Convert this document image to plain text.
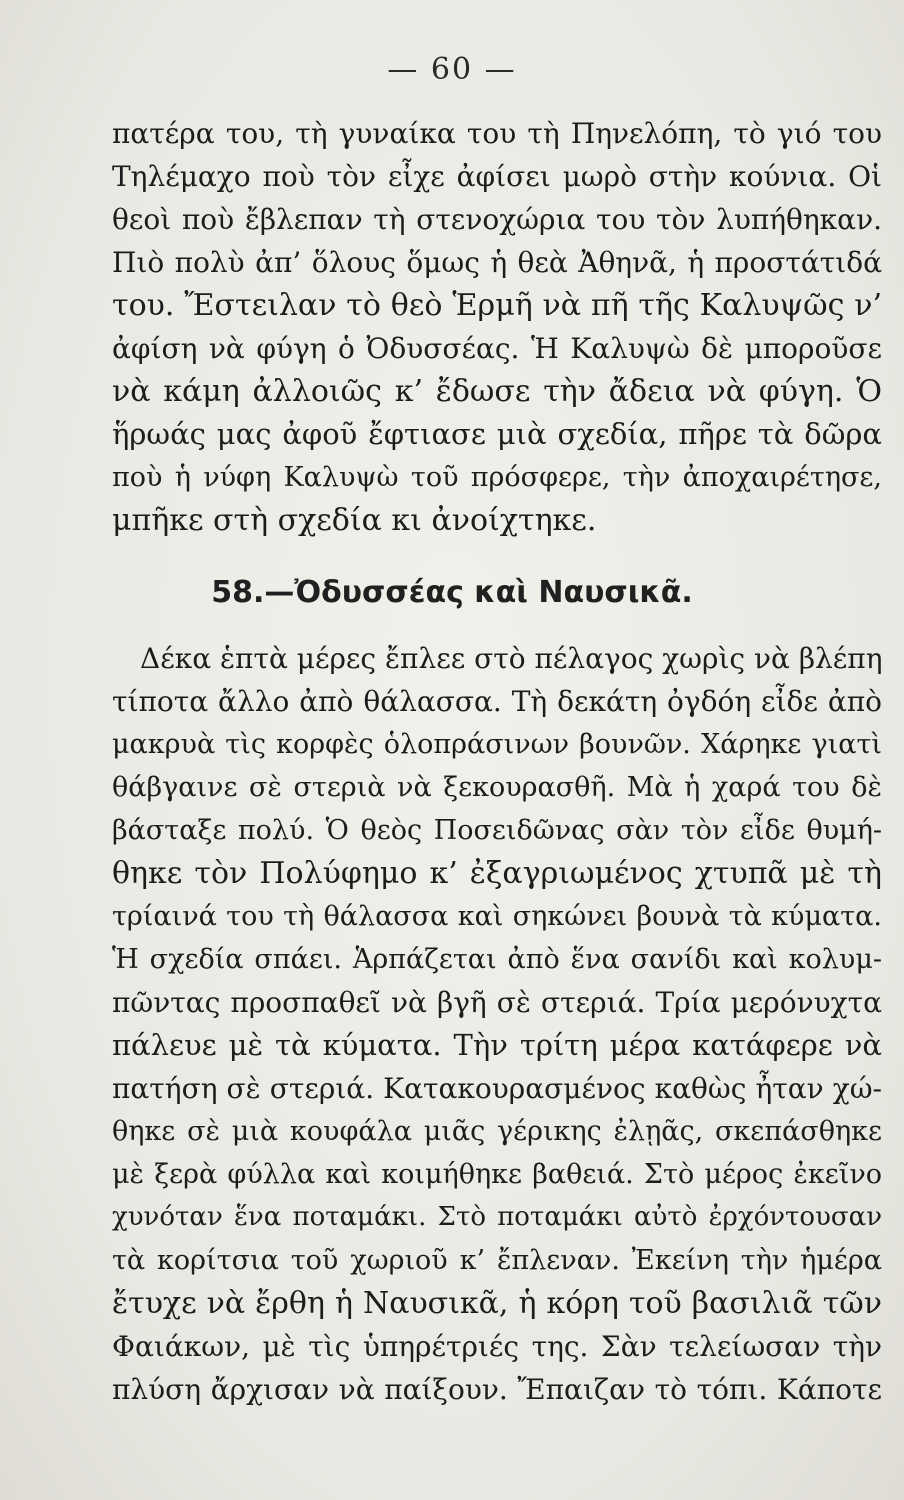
— 60 —
πατέρα του, τὴ γυναίκα του τὴ Πηνελόπη, τὸ γιό του
Τηλέμαχο ποὺ τὸν εἶχε ἀφίσει μωρὸ στὴν κούνια. Οἱ
θεοὶ ποὺ ἔβλεπαν τὴ στενοχώρια του τὸν λυπήθηκαν.
Πιὸ πολὺ ἀπ’ ὅλους ὅμως ἡ θεὰ Ἀθηνᾶ, ἡ προστάτιδά
του. Ἔστειλαν τὸ θεὸ Ἑρμῆ νὰ πῆ τῆς Καλυψῶς ν’
ἀφίση νὰ φύγη ὁ Ὀδυσσέας. Ἡ Καλυψὼ δὲ μποροῦσε
νὰ κάμη ἀλλοιῶς κ’ ἔδωσε τὴν ἄδεια νὰ φύγη. Ὁ
ἥρωάς μας ἀφοῦ ἔφτιασε μιὰ σχεδία, πῆρε τὰ δῶρα
ποὺ ἡ νύφη Καλυψὼ τοῦ πρόσφερε, τὴν ἀποχαιρέτησε,
μπῆκε στὴ σχεδία κι ἀνοίχτηκε.
58.—Ὀδυσσέας καὶ Ναυσικᾶ.
Δέκα ἑπτὰ μέρες ἔπλεε στὸ πέλαγος χωρὶς νὰ βλέπη
τίποτα ἄλλο ἀπὸ θάλασσα. Τὴ δεκάτη ὀγδόη εἶδε ἀπὸ
μακρυὰ τὶς κορφὲς ὁλοπράσινων βουνῶν. Χάρηκε γιατὶ
θάβγαινε σὲ στεριὰ νὰ ξεκουρασθῆ. Μὰ ἡ χαρά του δὲ
βάσταξε πολύ. Ὁ θεὸς Ποσειδῶνας σὰν τὸν εἶδε θυμή-
θηκε τὸν Πολύφημο κ’ ἐξαγριωμένος χτυπᾶ μὲ τὴ
τρίαινά του τὴ θάλασσα καὶ σηκώνει βουνὰ τὰ κύματα.
Ἡ σχεδία σπάει. Ἁρπάζεται ἀπὸ ἕνα σανίδι καὶ κολυμ-
πῶντας προσπαθεῖ νὰ βγῆ σὲ στεριά. Τρία μερόνυχτα
πάλευε μὲ τὰ κύματα. Τὴν τρίτη μέρα κατάφερε νὰ
πατήση σὲ στεριά. Κατακουρασμένος καθὼς ἦταν χώ-
θηκε σὲ μιὰ κουφάλα μιᾶς γέρικης ἐλῃᾶς, σκεπάσθηκε
μὲ ξερὰ φύλλα καὶ κοιμήθηκε βαθειά. Στὸ μέρος ἐκεῖνο
χυνόταν ἕνα ποταμάκι. Στὸ ποταμάκι αὐτὸ ἐρχόντουσαν
τὰ κορίτσια τοῦ χωριοῦ κ’ ἔπλεναν. Ἐκείνη τὴν ἡμέρα
ἔτυχε νὰ ἔρθη ἡ Ναυσικᾶ, ἡ κόρη τοῦ βασιλιᾶ τῶν
Φαιάκων, μὲ τὶς ὑπηρέτριές της. Σὰν τελείωσαν τὴν
πλύση ἄρχισαν νὰ παίξουν. Ἔπαιζαν τὸ τόπι. Κάποτε
